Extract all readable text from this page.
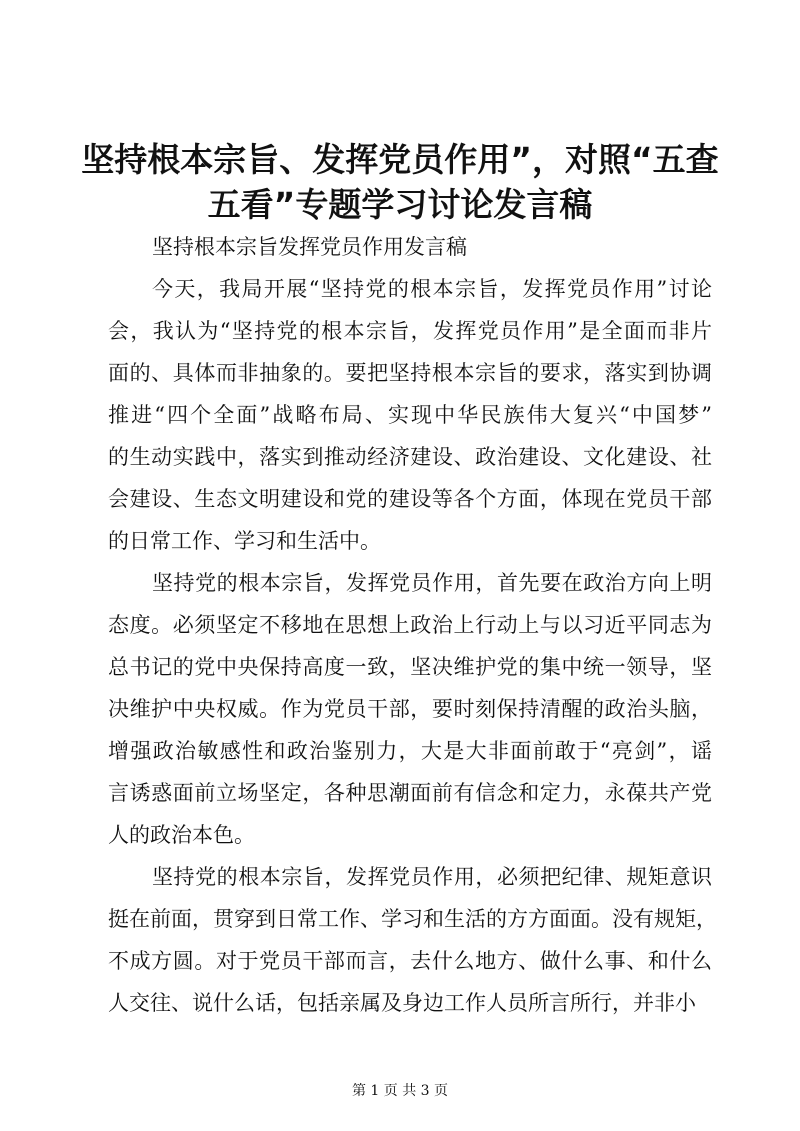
坚持根本宗旨、发挥党员作用”，对照“五查
五看”专题学习讨论发言稿
坚持根本宗旨发挥党员作用发言稿
今天，我局开展“坚持党的根本宗旨，发挥党员作用”讨论
会，我认为“坚持党的根本宗旨，发挥党员作用”是全面而非片
面的、具体而非抽象的。要把坚持根本宗旨的要求，落实到协调
推进“四个全面”战略布局、实现中华民族伟大复兴“中国梦”
的生动实践中，落实到推动经济建设、政治建设、文化建设、社
会建设、生态文明建设和党的建设等各个方面，体现在党员干部
的日常工作、学习和生活中。
坚持党的根本宗旨，发挥党员作用，首先要在政治方向上明
态度。必须坚定不移地在思想上政治上行动上与以习近平同志为
总书记的党中央保持高度一致，坚决维护党的集中统一领导，坚
决维护中央权威。作为党员干部，要时刻保持清醒的政治头脑，
增强政治敏感性和政治鉴别力，大是大非面前敢于“亮剑”，谣
言诱惑面前立场坚定，各种思潮面前有信念和定力，永葆共产党
人的政治本色。
坚持党的根本宗旨，发挥党员作用，必须把纪律、规矩意识
挺在前面，贯穿到日常工作、学习和生活的方方面面。没有规矩，
不成方圆。对于党员干部而言，去什么地方、做什么事、和什么
人交往、说什么话，包括亲属及身边工作人员所言所行，并非小
第 1 页 共 3 页
